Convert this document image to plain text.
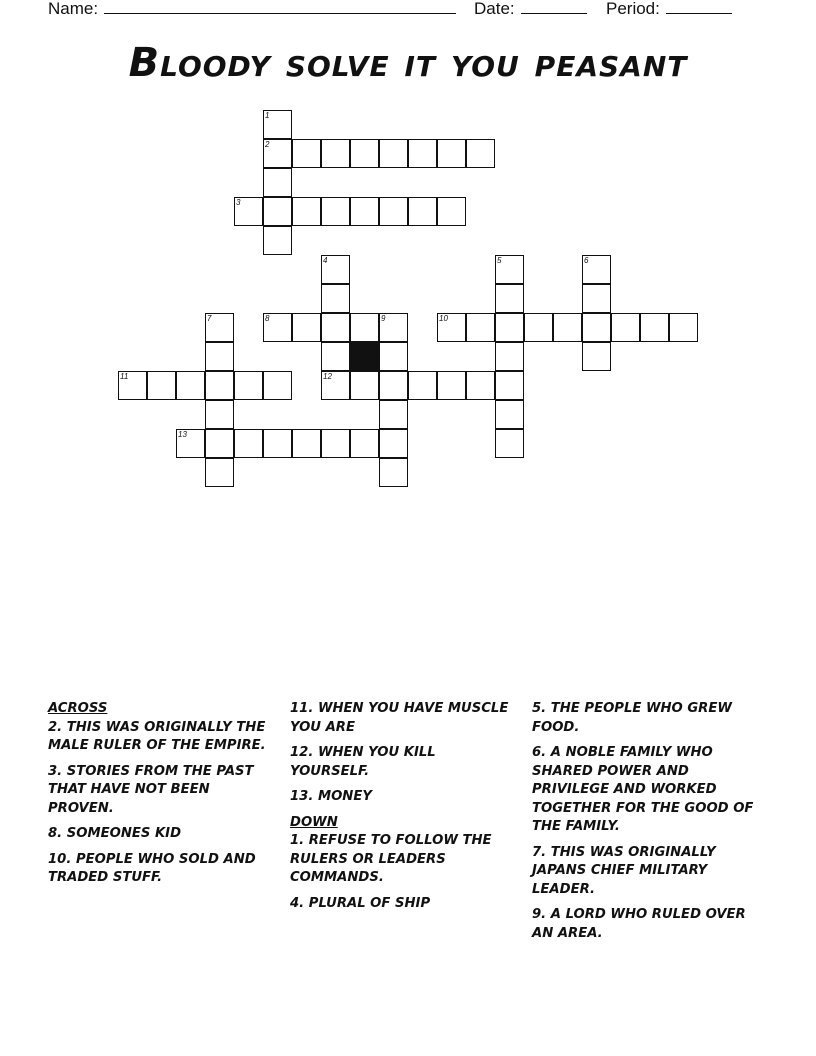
Name:	Date:	Period:
Bloody solve it you peasant
1
2
3
4	5	6
7	8	9	10
11	12
13
ACROSS
2. THIS WAS ORIGINALLY THE MALE RULER OF THE EMPIRE.
3. STORIES FROM THE PAST THAT HAVE NOT BEEN PROVEN.
8. SOMEONES KID
10. PEOPLE WHO SOLD AND TRADED STUFF.
11. WHEN YOU HAVE MUSCLE YOU ARE
12. WHEN YOU KILL YOURSELF.
13. MONEY
DOWN
1. REFUSE TO FOLLOW THE RULERS OR LEADERS COMMANDS.
4. PLURAL OF SHIP
5. THE PEOPLE WHO GREW FOOD.
6. A NOBLE FAMILY WHO SHARED POWER AND PRIVILEGE AND WORKED TOGETHER FOR THE GOOD OF THE FAMILY.
7. THIS WAS ORIGINALLY JAPANS CHIEF MILITARY LEADER.
9. A LORD WHO RULED OVER AN AREA.
